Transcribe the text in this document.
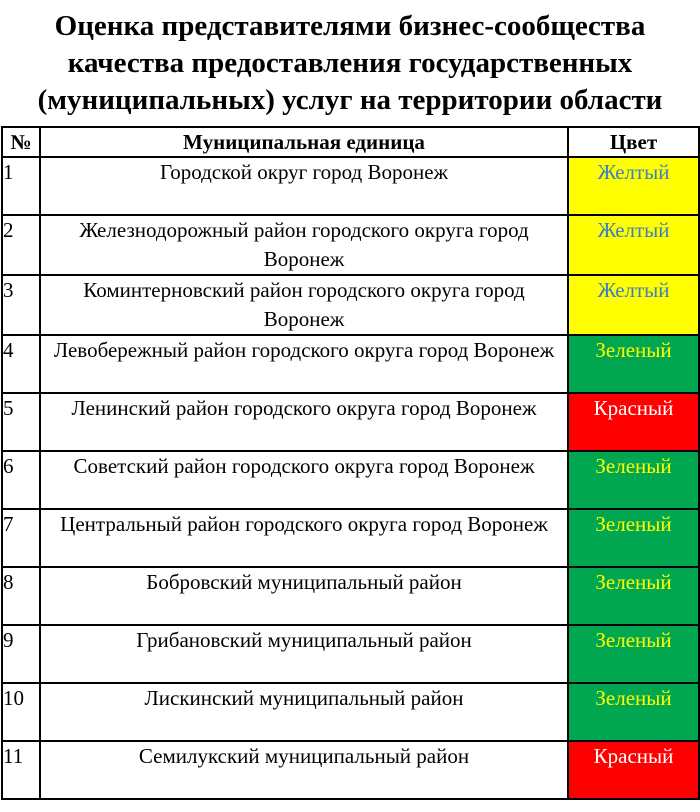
Оценка представителями бизнес-сообщества
качества предоставления государственных
(муниципальных) услуг на территории области
№	Муниципальная единица	Цвет
1	Городской округ город Воронеж	Желтый
2	Железнодорожный район городского округа город Воронеж	Желтый
3	Коминтерновский район городского округа город Воронеж	Желтый
4	Левобережный район городского округа город Воронеж	Зеленый
5	Ленинский район городского округа город Воронеж	Красный
6	Советский район городского округа город Воронеж	Зеленый
7	Центральный район городского округа город Воронеж	Зеленый
8	Бобровский муниципальный район	Зеленый
9	Грибановский муниципальный район	Зеленый
10	Лискинский муниципальный район	Зеленый
11	Семилукский муниципальный район	Красный
